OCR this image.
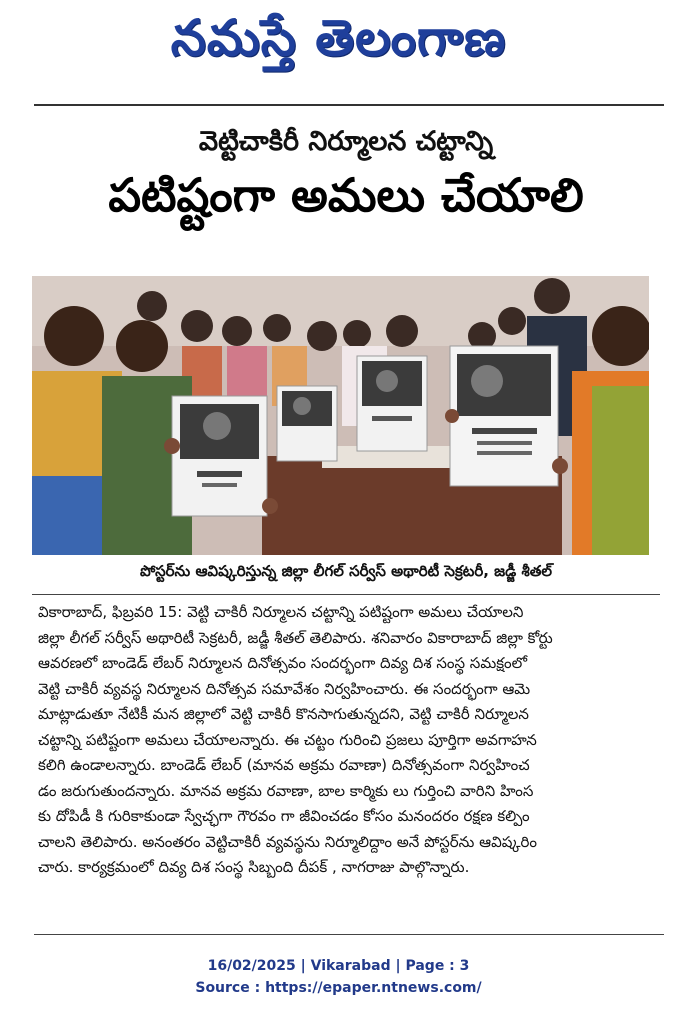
నమస్తే తెలంగాణ
వెట్టిచాకిరీ నిర్మూలన చట్టాన్ని
పటిష్టంగా అమలు చేయాలి
పోస్టర్‌ను ఆవిష్కరిస్తున్న జిల్లా లీగల్ సర్వీస్ అథారిటీ సెక్రటరీ, జడ్జీ శీతల్
వికారాబాద్, ఫిబ్రవరి 15: వెట్టి చాకిరీ నిర్మూలన చట్టాన్ని పటిష్టంగా అమలు చేయాలని
జిల్లా లీగల్ సర్వీస్ అథారిటీ సెక్రటరీ, జడ్జీ శీతల్ తెలిపారు. శనివారం వికారాబాద్ జిల్లా కోర్టు
ఆవరణలో బాండెడ్ లేబర్ నిర్మూలన దినోత్సవం సందర్భంగా దివ్య దిశ సంస్థ సమక్షంలో
వెట్టి చాకిరీ వ్యవస్థ నిర్మూలన దినోత్సవ సమావేశం నిర్వహించారు. ఈ సందర్భంగా ఆమె
మాట్లాడుతూ నేటికీ మన జిల్లాలో వెట్టి చాకిరీ కొనసాగుతున్నదని, వెట్టి చాకిరీ నిర్మూలన
చట్టాన్ని పటిష్టంగా అమలు చేయాలన్నారు. ఈ చట్టం గురించి ప్రజలు పూర్తిగా అవగాహన
కలిగి ఉండాలన్నారు. బాండెడ్ లేబర్ (మానవ అక్రమ రవాణా) దినోత్సవంగా నిర్వహించ
డం జరుగుతుందన్నారు. మానవ అక్రమ రవాణా, బాల కార్మికు లు గుర్తించి వారిని హింస
కు దోపిడీ కి గురికాకుండా స్వేచ్ఛగా గౌరవం గా జీవించడం కోసం మనందరం రక్షణ కల్పిం
చాలని తెలిపారు. అనంతరం వెట్టిచాకిరీ వ్యవస్థను నిర్మూలిద్దాం అనే పోస్టర్‌ను ఆవిష్కరిం
చారు. కార్యక్రమంలో దివ్య దిశ సంస్థ సిబ్బంది దీపక్ , నాగరాజు పాల్గొన్నారు.
16/02/2025 | Vikarabad | Page : 3
Source : https://epaper.ntnews.com/
